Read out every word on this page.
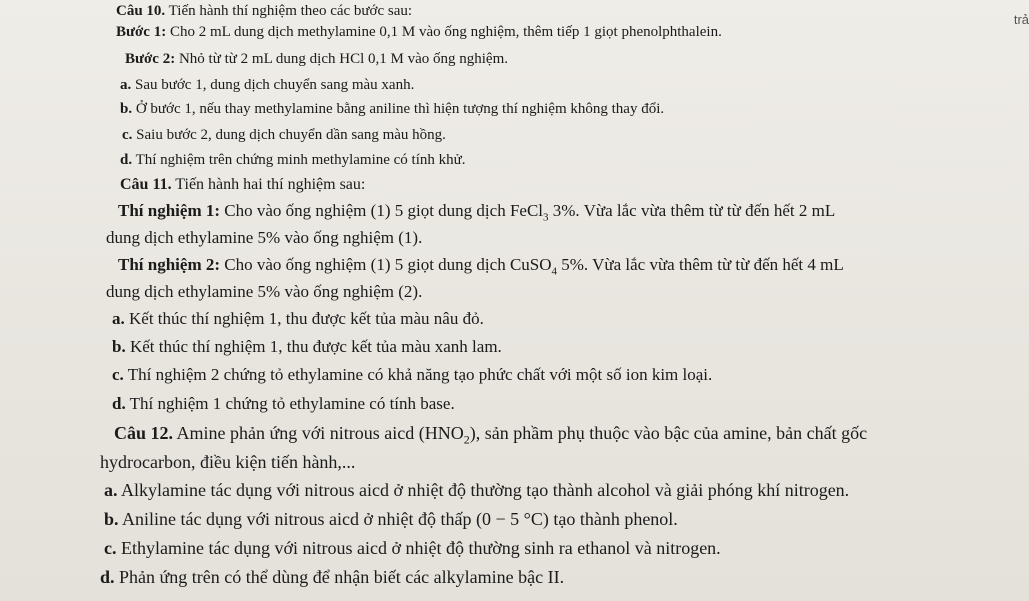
trả
Câu 10. Tiến hành thí nghiệm theo các bước sau:
Bước 1: Cho 2 mL dung dịch methylamine 0,1 M vào ống nghiệm, thêm tiếp 1 giọt phenolphthalein.
Bước 2: Nhỏ từ từ 2 mL dung dịch HCl 0,1 M vào ống nghiệm.
a. Sau bước 1, dung dịch chuyển sang màu xanh.
b. Ở bước 1, nếu thay methylamine bằng aniline thì hiện tượng thí nghiệm không thay đổi.
c. Saiu bước 2, dung dịch chuyển dần sang màu hồng.
d. Thí nghiệm trên chứng minh methylamine có tính khử.
Câu 11. Tiến hành hai thí nghiệm sau:
Thí nghiệm 1: Cho vào ống nghiệm (1) 5 giọt dung dịch FeCl$_3$ 3%. Vừa lắc vừa thêm từ từ đến hết 2 mL
dung dịch ethylamine 5% vào ống nghiệm (1).
Thí nghiệm 2: Cho vào ống nghiệm (1) 5 giọt dung dịch CuSO$_4$ 5%. Vừa lắc vừa thêm từ từ đến hết 4 mL
dung dịch ethylamine 5% vào ống nghiệm (2).
a. Kết thúc thí nghiệm 1, thu được kết tủa màu nâu đỏ.
b. Kết thúc thí nghiệm 1, thu được kết tủa màu xanh lam.
c. Thí nghiệm 2 chứng tỏ ethylamine có khả năng tạo phức chất với một số ion kim loại.
d. Thí nghiệm 1 chứng tỏ ethylamine có tính base.
Câu 12. Amine phản ứng với nitrous aicd $(HNO_2)$, sản phầm phụ thuộc vào bậc của amine, bản chất gốc
hydrocarbon, điều kiện tiến hành,...
a. Alkylamine tác dụng với nitrous aicd ở nhiệt độ thường tạo thành alcohol và giải phóng khí nitrogen.
b. Aniline tác dụng với nitrous aicd ở nhiệt độ thấp (0 − 5 °C) tạo thành phenol.
c. Ethylamine tác dụng với nitrous aicd ở nhiệt độ thường sinh ra ethanol và nitrogen.
d. Phản ứng trên có thể dùng để nhận biết các alkylamine bậc II.
